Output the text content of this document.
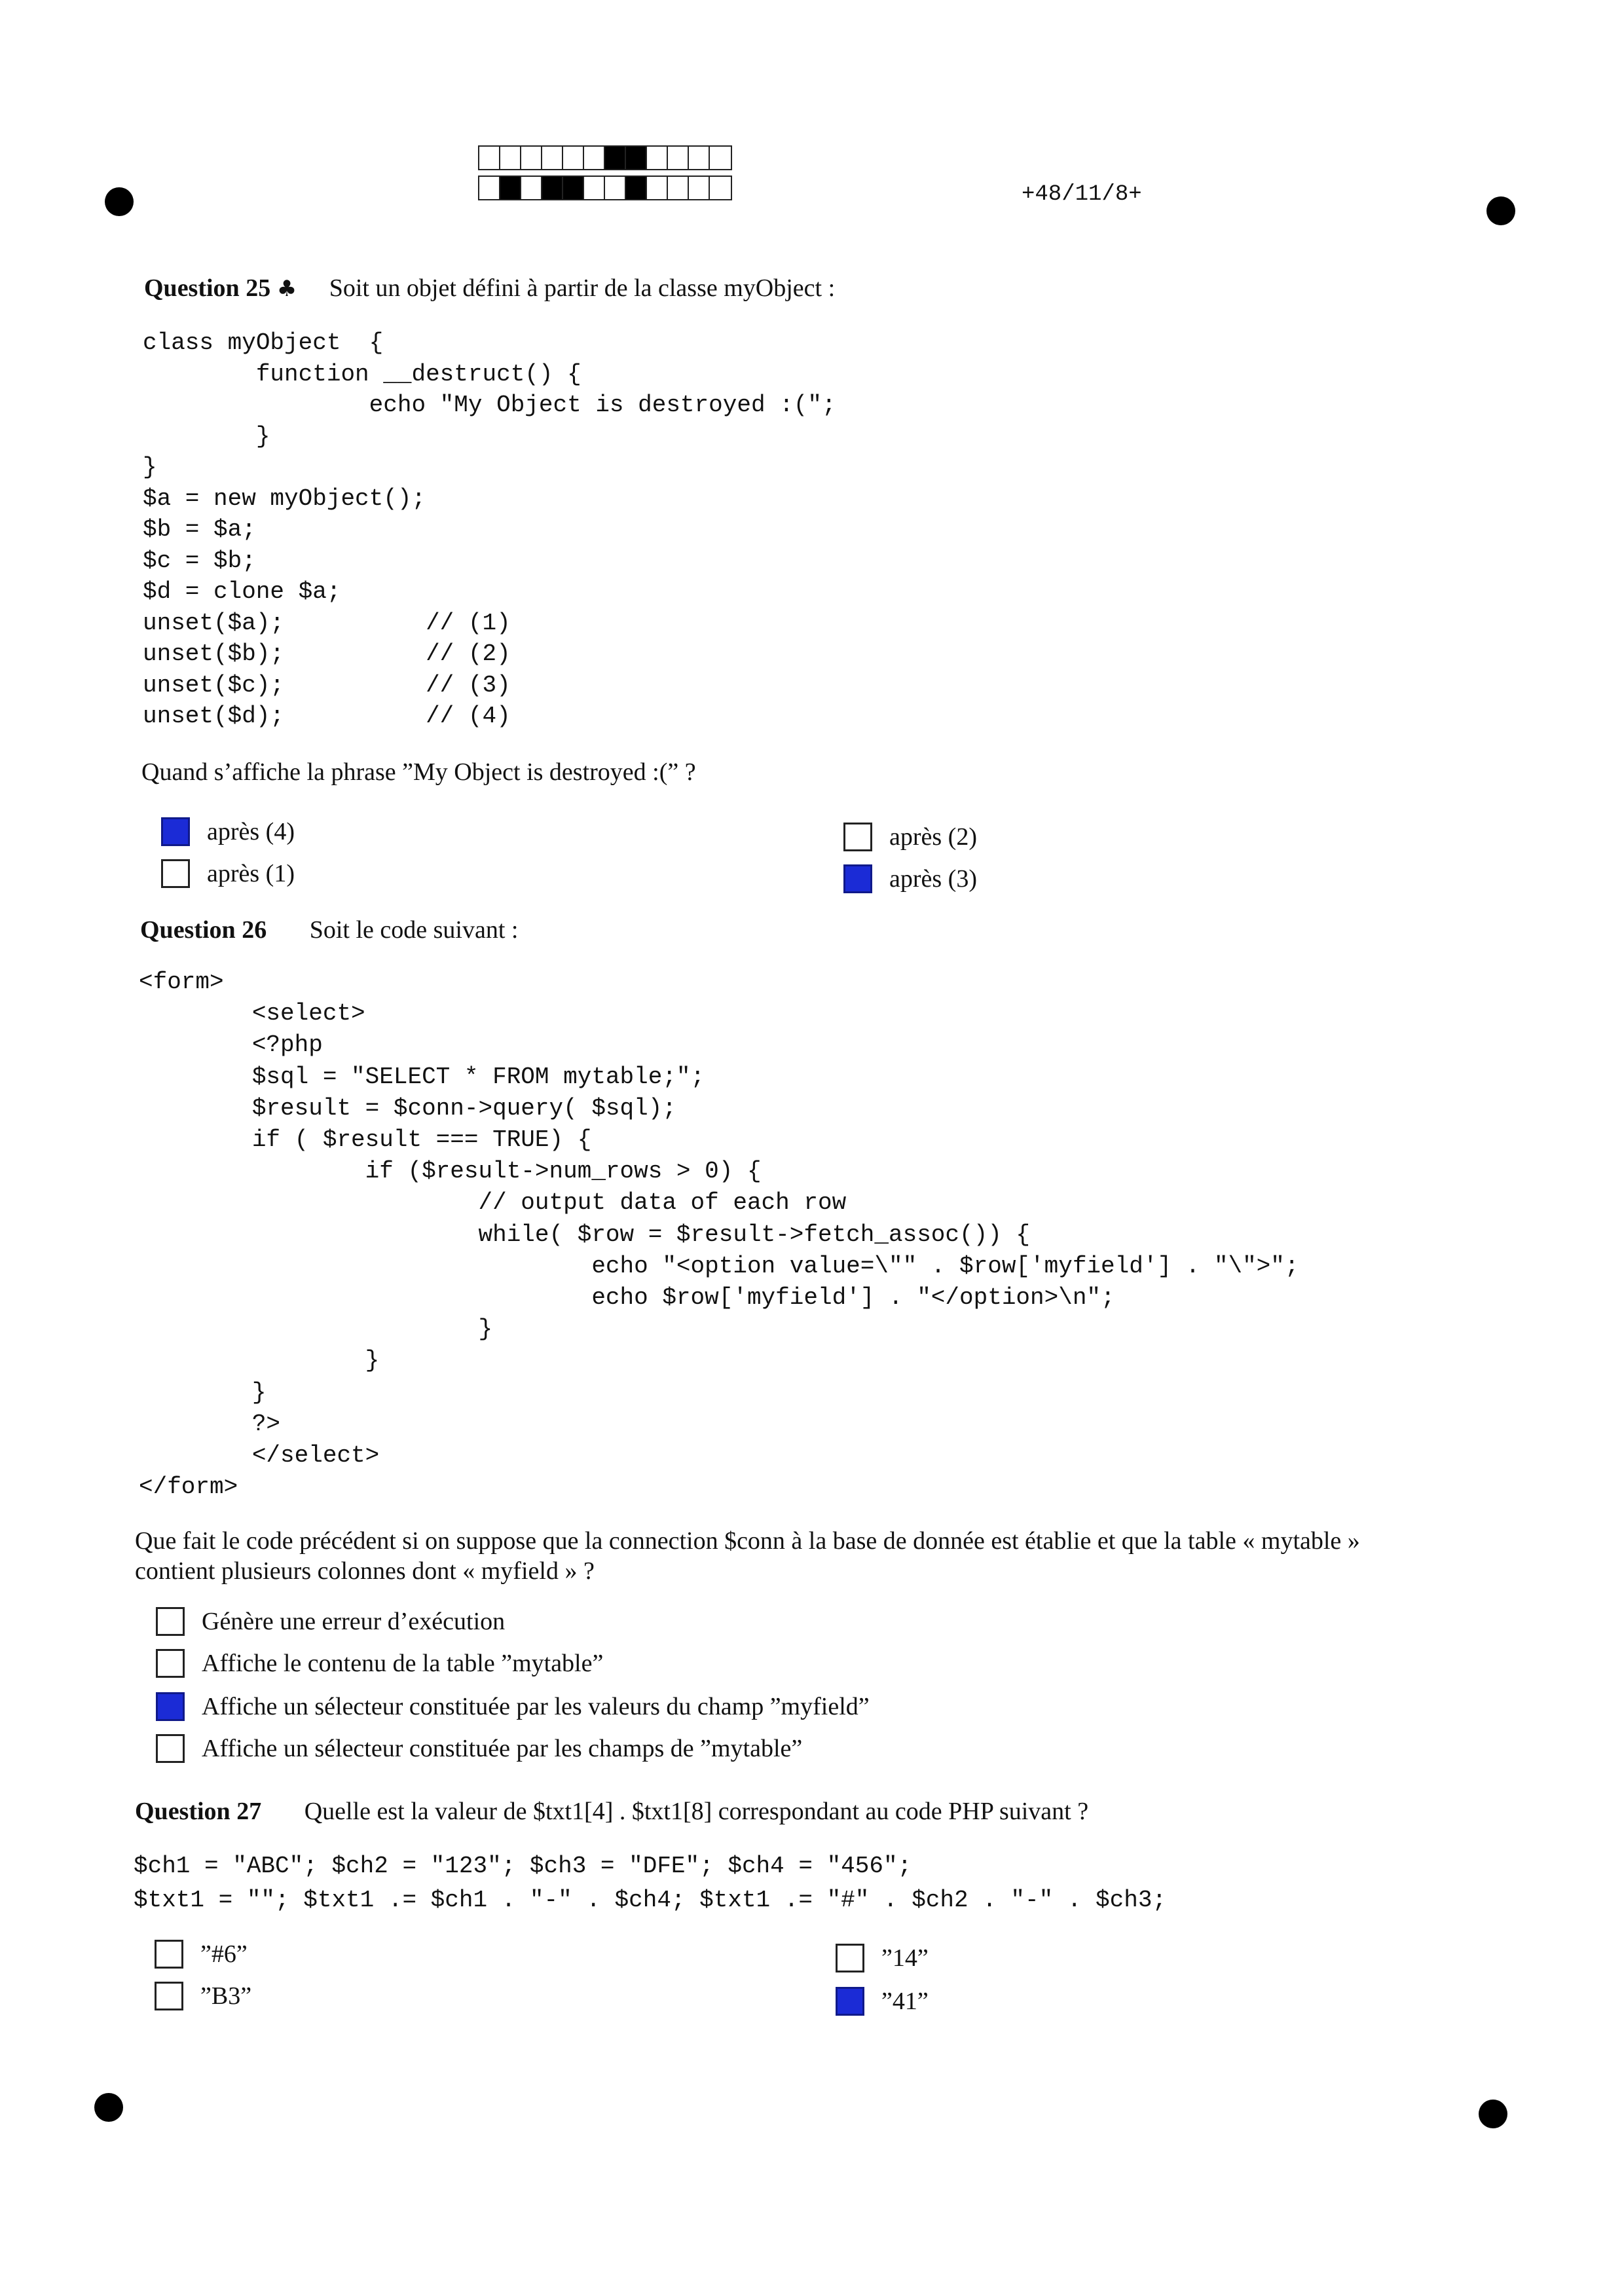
+48/11/8+
Question 25 ♣ Soit un objet défini à partir de la classe myObject :
class myObject  {
function __destruct() {
echo "My Object is destroyed :(";
}
}
$a = new myObject();
$b = $a;
$c = $b;
$d = clone $a;
unset($a);          // (1)
unset($b);          // (2)
unset($c);          // (3)
unset($d);          // (4)
Quand s’affiche la phrase ”My Object is destroyed :(” ?
après (4)
après (1)
après (2)
après (3)
Question 26 Soit le code suivant :
<form>
<select>
<?php
$sql = "SELECT * FROM mytable;";
$result = $conn->query( $sql);
if ( $result === TRUE) {
if ($result->num_rows > 0) {
// output data of each row
while( $row = $result->fetch_assoc()) {
echo "<option value=\"" . $row['myfield'] . "\">";
echo $row['myfield'] . "</option>\n";
}
}
}
?>
</select>
</form>
Que fait le code précédent si on suppose que la connection $conn à la base de donnée est établie et que la table « mytable »
contient plusieurs colonnes dont « myfield » ?
Génère une erreur d’exécution
Affiche le contenu de la table ”mytable”
Affiche un sélecteur constituée par les valeurs du champ ”myfield”
Affiche un sélecteur constituée par les champs de ”mytable”
Question 27 Quelle est la valeur de $txt1[4] . $txt1[8] correspondant au code PHP suivant ?
$ch1 = "ABC"; $ch2 = "123"; $ch3 = "DFE"; $ch4 = "456";
$txt1 = ""; $txt1 .= $ch1 . "-" . $ch4; $txt1 .= "#" . $ch2 . "-" . $ch3;
”#6”
”B3”
”14”
”41”
